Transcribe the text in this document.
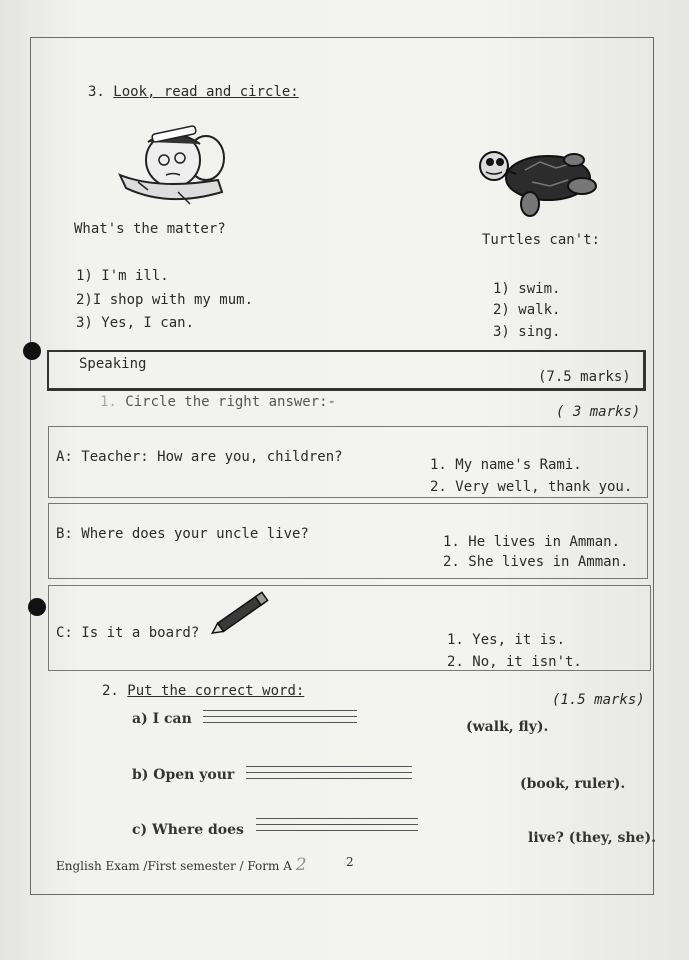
3. Look, read and circle:
What's the matter?
Turtles can't:
1) I'm ill.
2)I shop with my mum.
3) Yes, I can.
1) swim.
2) walk.
3) sing.
Speaking
(7.5 marks)
1. Circle the right answer:-
( 3 marks)
A: Teacher: How are you, children?	1. My name's Rami.
2. Very well, thank you.
B: Where does your uncle live?	1. He lives in Amman.
2. She lives in Amman.
C: Is it a board?	1. Yes, it is.
2. No, it isn't.
2. Put the correct word:
(1.5 marks)
a) I can	(walk, fly).
b) Open your
(book, ruler).
c) Where does	live? (they, she).
English Exam /First semester / Form A 2	2
